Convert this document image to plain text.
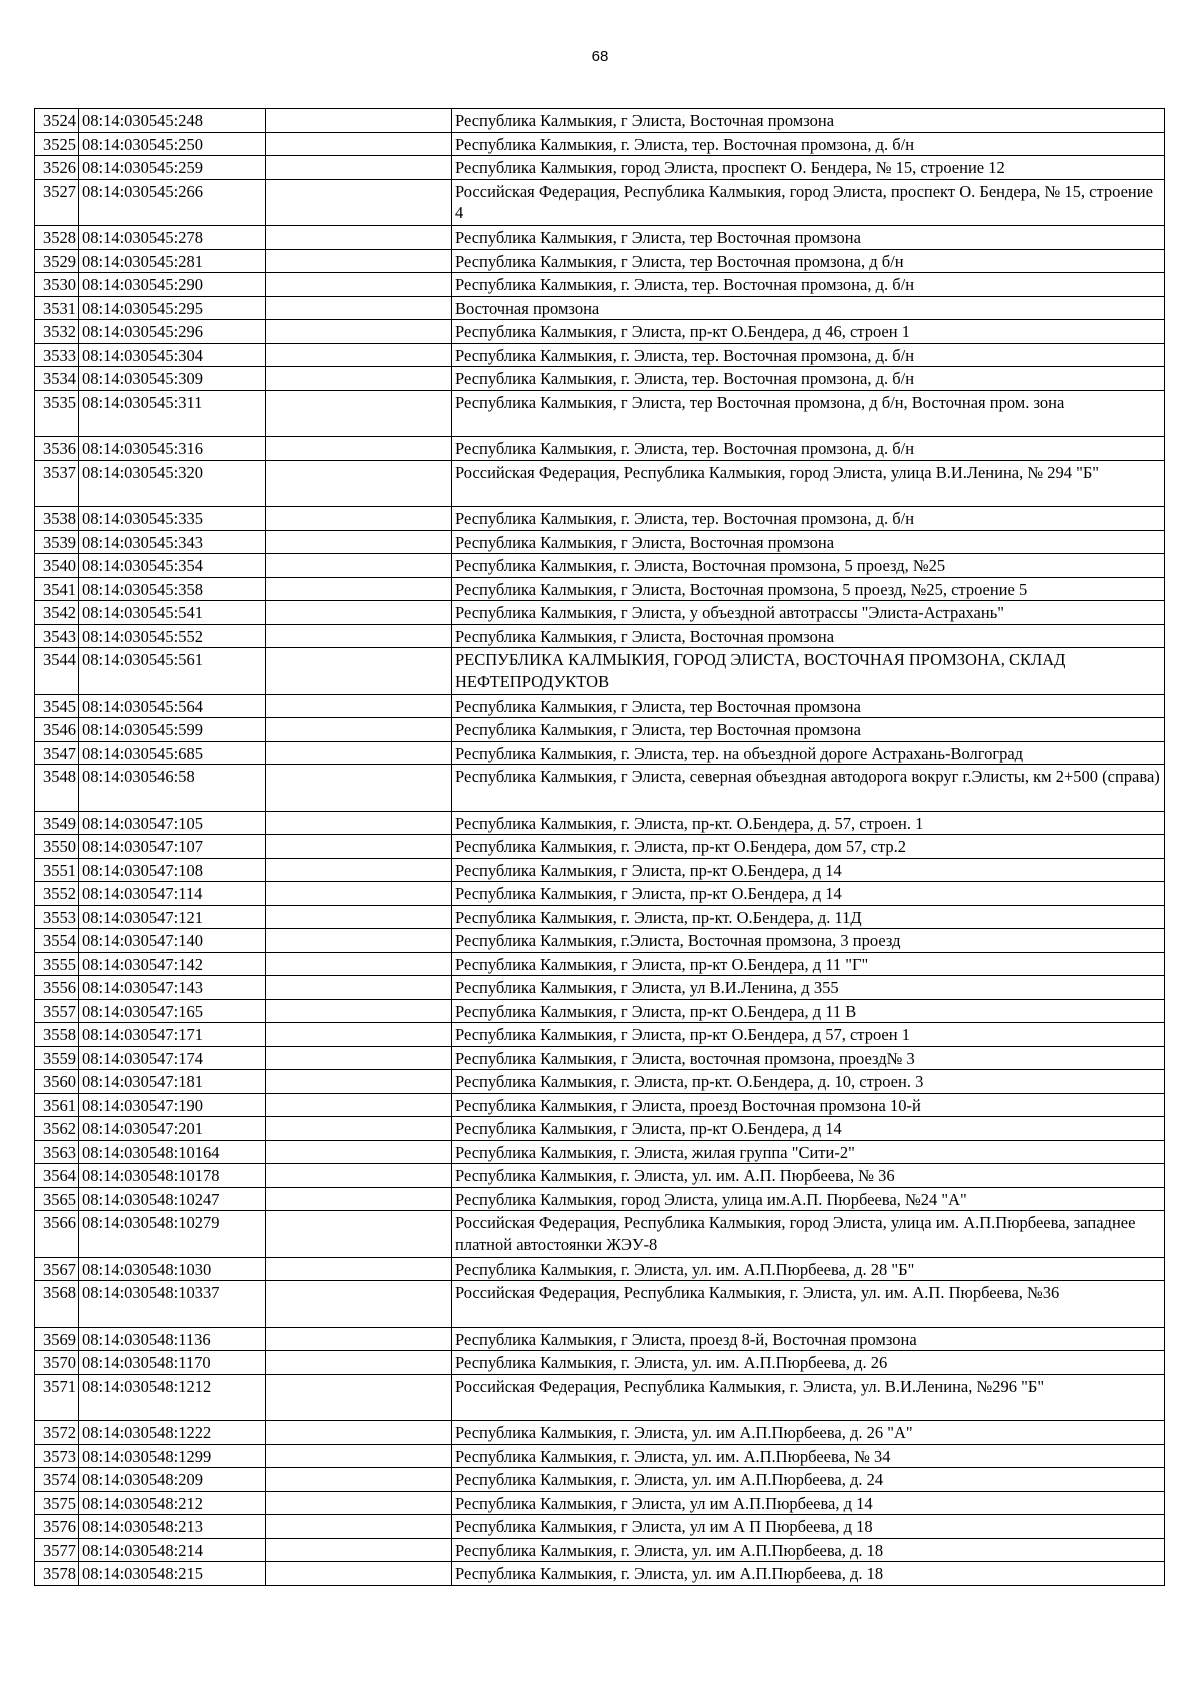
68
3524	08:14:030545:248		Республика Калмыкия, г Элиста, Восточная промзона
3525	08:14:030545:250		Республика Калмыкия, г. Элиста, тер. Восточная промзона, д. б/н
3526	08:14:030545:259		Республика Калмыкия, город Элиста, проспект О. Бендера, № 15, строение 12
3527	08:14:030545:266		Российская Федерация, Республика Калмыкия, город Элиста, проспект О. Бендера, № 15, строение 4
3528	08:14:030545:278		Республика Калмыкия, г Элиста, тер Восточная промзона
3529	08:14:030545:281		Республика Калмыкия, г Элиста, тер Восточная промзона, д б/н
3530	08:14:030545:290		Республика Калмыкия, г. Элиста, тер. Восточная промзона, д. б/н
3531	08:14:030545:295		Восточная промзона
3532	08:14:030545:296		Республика Калмыкия, г Элиста, пр-кт О.Бендера, д 46, строен 1
3533	08:14:030545:304		Республика Калмыкия, г. Элиста, тер. Восточная промзона, д. б/н
3534	08:14:030545:309		Республика Калмыкия, г. Элиста, тер. Восточная промзона, д. б/н
3535	08:14:030545:311		Республика Калмыкия, г Элиста, тер Восточная промзона, д б/н, Восточная пром. зона
3536	08:14:030545:316		Республика Калмыкия, г. Элиста, тер. Восточная промзона, д. б/н
3537	08:14:030545:320		Российская Федерация, Республика Калмыкия, город Элиста, улица В.И.Ленина, № 294 "Б"
3538	08:14:030545:335		Республика Калмыкия, г. Элиста, тер. Восточная промзона, д. б/н
3539	08:14:030545:343		Республика Калмыкия, г Элиста, Восточная промзона
3540	08:14:030545:354		Республика Калмыкия, г. Элиста, Восточная промзона, 5 проезд, №25
3541	08:14:030545:358		Республика Калмыкия, г Элиста, Восточная промзона, 5 проезд, №25, строение 5
3542	08:14:030545:541		Республика Калмыкия, г Элиста, у объездной автотрассы "Элиста-Астрахань"
3543	08:14:030545:552		Республика Калмыкия, г Элиста, Восточная промзона
3544	08:14:030545:561		РЕСПУБЛИКА КАЛМЫКИЯ, ГОРОД ЭЛИСТА, ВОСТОЧНАЯ ПРОМЗОНА, СКЛАД НЕФТЕПРОДУКТОВ
3545	08:14:030545:564		Республика Калмыкия, г Элиста, тер Восточная промзона
3546	08:14:030545:599		Республика Калмыкия, г Элиста, тер Восточная промзона
3547	08:14:030545:685		Республика Калмыкия, г. Элиста, тер. на объездной дороге Астрахань-Волгоград
3548	08:14:030546:58		Республика Калмыкия, г Элиста, северная объездная автодорога вокруг г.Элисты, км 2+500 (справа)
3549	08:14:030547:105		Республика Калмыкия, г. Элиста, пр-кт. О.Бендера, д. 57, строен. 1
3550	08:14:030547:107		Республика Калмыкия, г. Элиста, пр-кт О.Бендера, дом 57, стр.2
3551	08:14:030547:108		Республика Калмыкия, г Элиста, пр-кт О.Бендера, д 14
3552	08:14:030547:114		Республика Калмыкия, г Элиста, пр-кт О.Бендера, д 14
3553	08:14:030547:121		Республика Калмыкия, г. Элиста, пр-кт. О.Бендера, д. 11Д
3554	08:14:030547:140		Республика Калмыкия, г.Элиста, Восточная промзона, 3 проезд
3555	08:14:030547:142		Республика Калмыкия, г Элиста, пр-кт О.Бендера, д 11 "Г"
3556	08:14:030547:143		Республика Калмыкия, г Элиста, ул В.И.Ленина, д 355
3557	08:14:030547:165		Республика Калмыкия, г Элиста, пр-кт О.Бендера, д 11 В
3558	08:14:030547:171		Республика Калмыкия, г Элиста, пр-кт О.Бендера, д 57, строен 1
3559	08:14:030547:174		Республика Калмыкия, г Элиста, восточная промзона, проезд№ 3
3560	08:14:030547:181		Республика Калмыкия, г. Элиста, пр-кт. О.Бендера, д. 10, строен. 3
3561	08:14:030547:190		Республика Калмыкия, г Элиста, проезд Восточная промзона 10-й
3562	08:14:030547:201		Республика Калмыкия, г Элиста, пр-кт О.Бендера, д 14
3563	08:14:030548:10164		Республика Калмыкия, г. Элиста, жилая группа "Сити-2"
3564	08:14:030548:10178		Республика Калмыкия, г. Элиста, ул. им. А.П. Пюрбеева, № 36
3565	08:14:030548:10247		Республика Калмыкия, город Элиста, улица им.А.П. Пюрбеева, №24 "А"
3566	08:14:030548:10279		Российская Федерация, Республика Калмыкия, город Элиста, улица им. А.П.Пюрбеева, западнее платной автостоянки ЖЭУ-8
3567	08:14:030548:1030		Республика Калмыкия, г. Элиста, ул. им. А.П.Пюрбеева, д. 28 "Б"
3568	08:14:030548:10337		Российская Федерация, Республика Калмыкия, г. Элиста, ул. им. А.П. Пюрбеева, №36
3569	08:14:030548:1136		Республика Калмыкия, г Элиста, проезд 8-й, Восточная промзона
3570	08:14:030548:1170		Республика Калмыкия, г. Элиста, ул. им. А.П.Пюрбеева, д. 26
3571	08:14:030548:1212		Российская Федерация, Республика Калмыкия, г. Элиста, ул. В.И.Ленина, №296 "Б"
3572	08:14:030548:1222		Республика Калмыкия, г. Элиста, ул. им А.П.Пюрбеева, д. 26 "А"
3573	08:14:030548:1299		Республика Калмыкия, г. Элиста, ул. им. А.П.Пюрбеева, № 34
3574	08:14:030548:209		Республика Калмыкия, г. Элиста, ул. им А.П.Пюрбеева, д. 24
3575	08:14:030548:212		Республика Калмыкия, г Элиста, ул им А.П.Пюрбеева, д 14
3576	08:14:030548:213		Республика Калмыкия, г Элиста, ул им А П Пюрбеева, д 18
3577	08:14:030548:214		Республика Калмыкия, г. Элиста, ул. им А.П.Пюрбеева, д. 18
3578	08:14:030548:215		Республика Калмыкия, г. Элиста, ул. им А.П.Пюрбеева, д. 18
